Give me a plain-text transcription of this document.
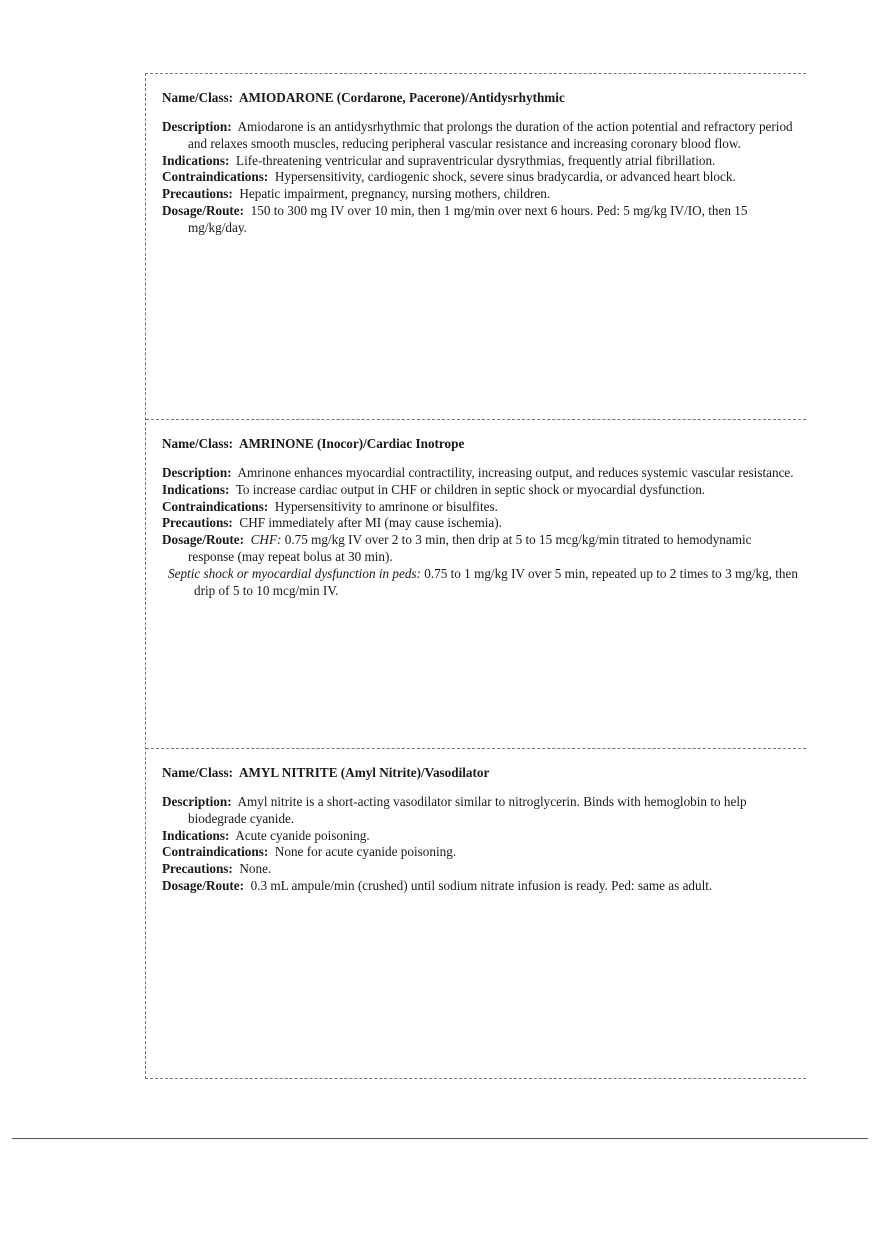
Name/Class: AMIODARONE (Cordarone, Pacerone)/Antidysrhythmic

Description: Amiodarone is an antidysrhythmic that prolongs the duration of the action potential and refractory period and relaxes smooth muscles, reducing peripheral vascular resistance and increasing coronary blood flow.

Indications: Life-threatening ventricular and supraventricular dysrythmias, frequently atrial fibrillation.

Contraindications: Hypersensitivity, cardiogenic shock, severe sinus bradycardia, or advanced heart block.

Precautions: Hepatic impairment, pregnancy, nursing mothers, children.

Dosage/Route: 150 to 300 mg IV over 10 min, then 1 mg/min over next 6 hours. Ped: 5 mg/kg IV/IO, then 15 mg/kg/day.

Name/Class: AMRINONE (Inocor)/Cardiac Inotrope

Description: Amrinone enhances myocardial contractility, increasing output, and reduces systemic vascular resistance.

Indications: To increase cardiac output in CHF or children in septic shock or myocardial dysfunction.

Contraindications: Hypersensitivity to amrinone or bisulfites.

Precautions: CHF immediately after MI (may cause ischemia).

Dosage/Route: CHF: 0.75 mg/kg IV over 2 to 3 min, then drip at 5 to 15 mcg/kg/min titrated to hemodynamic response (may repeat bolus at 30 min).

Septic shock or myocardial dysfunction in peds: 0.75 to 1 mg/kg IV over 5 min, repeated up to 2 times to 3 mg/kg, then drip of 5 to 10 mcg/min IV.

Name/Class: AMYL NITRITE (Amyl Nitrite)/Vasodilator

Description: Amyl nitrite is a short-acting vasodilator similar to nitroglycerin. Binds with hemoglobin to help biodegrade cyanide.

Indications: Acute cyanide poisoning.

Contraindications: None for acute cyanide poisoning.

Precautions: None.

Dosage/Route: 0.3 mL ampule/min (crushed) until sodium nitrate infusion is ready. Ped: same as adult.
